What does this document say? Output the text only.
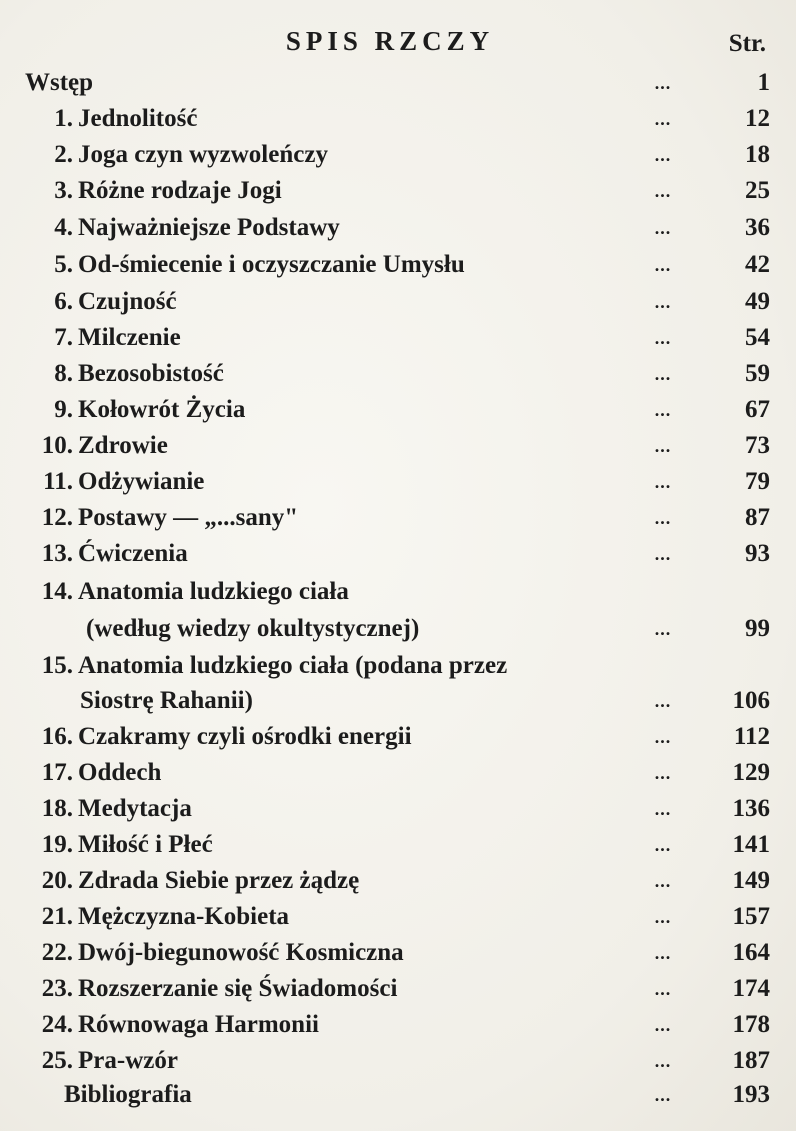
SPIS RZCZY	Str.
Wstęp	...	1
1. Jednolitość	...	12
2. Joga czyn wyzwoleńczy	...	18
3. Różne rodzaje Jogi	...	25
4. Najważniejsze Podstawy	...	36
5. Od-śmiecenie i oczyszczanie Umysłu	...	42
6. Czujność	...	49
7. Milczenie	...	54
8. Bezosobistość	...	59
9. Kołowrót Życia	...	67
10. Zdrowie	...	73
11. Odżywianie	...	79
12. Postawy — „...sany"	...	87
13. Ćwiczenia	...	93
14. Anatomia ludzkiego ciała
(według wiedzy okultystycznej)	...	99
15. Anatomia ludzkiego ciała (podana przez
Siostrę Rahanii)	... 106
16. Czakramy czyli ośrodki energii	...	112
17. Oddech	... 129
18. Medytacja	... 136
19. Miłość i Płeć	... 141
20. Zdrada Siebie przez żądzę	... 149
21. Mężczyzna-Kobieta	... 157
22. Dwój-biegunowość Kosmiczna	... 164
23. Rozszerzanie się Świadomości	... 174
24. Równowaga Harmonii	... 178
25. Pra-wzór	... 187
Bibliografia	... 193
